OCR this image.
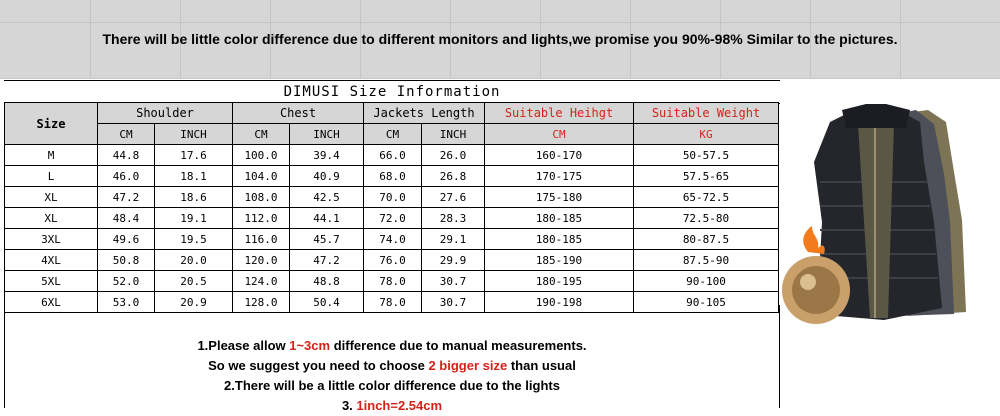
There will be little color difference due to different monitors and lights,we promise you 90%-98% Similar to the pictures.
DIMUSI Size Information
Size	Shoulder		Chest		Jackets Length		Suitable Heihgt	Suitable Weight
	CM	INCH	CM	INCH	CM	INCH	CM	KG
M	44.8	17.6	100.0	39.4	66.0	26.0	160-170	50-57.5
L	46.0	18.1	104.0	40.9	68.0	26.8	170-175	57.5-65
XL	47.2	18.6	108.0	42.5	70.0	27.6	175-180	65-72.5
XL	48.4	19.1	112.0	44.1	72.0	28.3	180-185	72.5-80
3XL	49.6	19.5	116.0	45.7	74.0	29.1	180-185	80-87.5
4XL	50.8	20.0	120.0	47.2	76.0	29.9	185-190	87.5-90
5XL	52.0	20.5	124.0	48.8	78.0	30.7	180-195	90-100
6XL	53.0	20.9	128.0	50.4	78.0	30.7	190-198	90-105
1.Please allow 1~3cm difference due to manual measurements.
So we suggest you need to choose 2 bigger size than usual
2.There will be a little color difference due to the lights
3. 1inch=2.54cm
